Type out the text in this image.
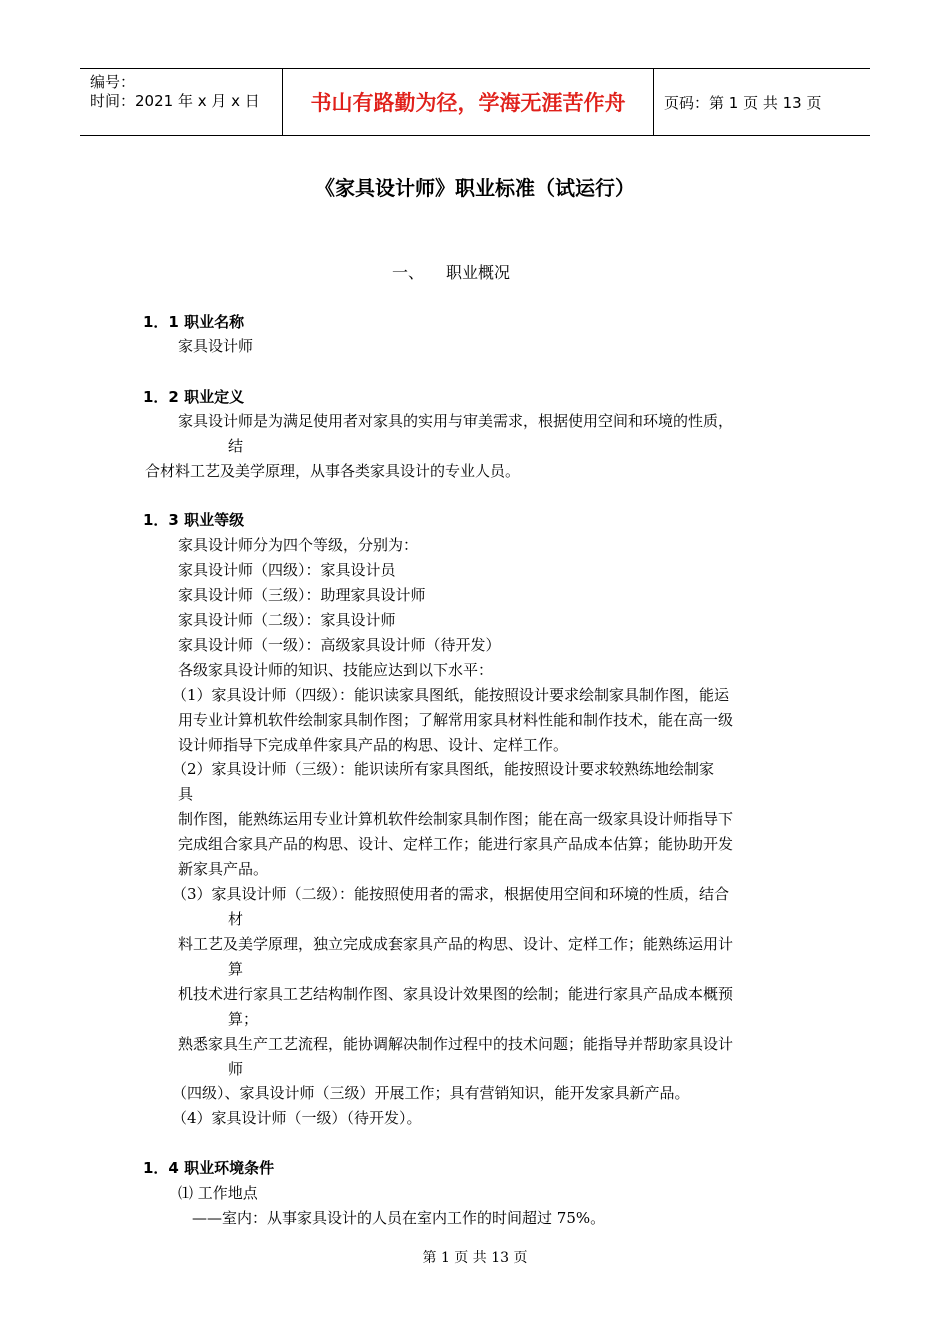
编号：
时间：2021 年 x 月 x 日	书山有路勤为径，学海无涯苦作舟	页码：第 1 页 共 13 页
《家具设计师》职业标准（试运行）
一、 职业概况
1．1 职业名称
家具设计师
1．2 职业定义
家具设计师是为满足使用者对家具的实用与审美需求，根据使用空间和环境的性质，
结
合材料工艺及美学原理，从事各类家具设计的专业人员。
1．3 职业等级
家具设计师分为四个等级，分别为：
家具设计师（四级）：家具设计员
家具设计师（三级）：助理家具设计师
家具设计师（二级）：家具设计师
家具设计师（一级）：高级家具设计师（待开发）
各级家具设计师的知识、技能应达到以下水平：
（1）家具设计师（四级）：能识读家具图纸，能按照设计要求绘制家具制作图，能运
用专业计算机软件绘制家具制作图；了解常用家具材料性能和制作技术，能在高一级
设计师指导下完成单件家具产品的构思、设计、定样工作。
（2）家具设计师（三级）：能识读所有家具图纸，能按照设计要求较熟练地绘制家
具
制作图，能熟练运用专业计算机软件绘制家具制作图；能在高一级家具设计师指导下
完成组合家具产品的构思、设计、定样工作；能进行家具产品成本估算；能协助开发
新家具产品。
（3）家具设计师（二级）：能按照使用者的需求，根据使用空间和环境的性质，结合
材
料工艺及美学原理，独立完成成套家具产品的构思、设计、定样工作；能熟练运用计
算
机技术进行家具工艺结构制作图、家具设计效果图的绘制；能进行家具产品成本概预
算；
熟悉家具生产工艺流程，能协调解决制作过程中的技术问题；能指导并帮助家具设计
师
（四级）、家具设计师（三级）开展工作；具有营销知识，能开发家具新产品。
（4）家具设计师（一级）（待开发）。
1．4 职业环境条件
⑴ 工作地点
——室内：从事家具设计的人员在室内工作的时间超过 75%。
第 1 页 共 13 页
